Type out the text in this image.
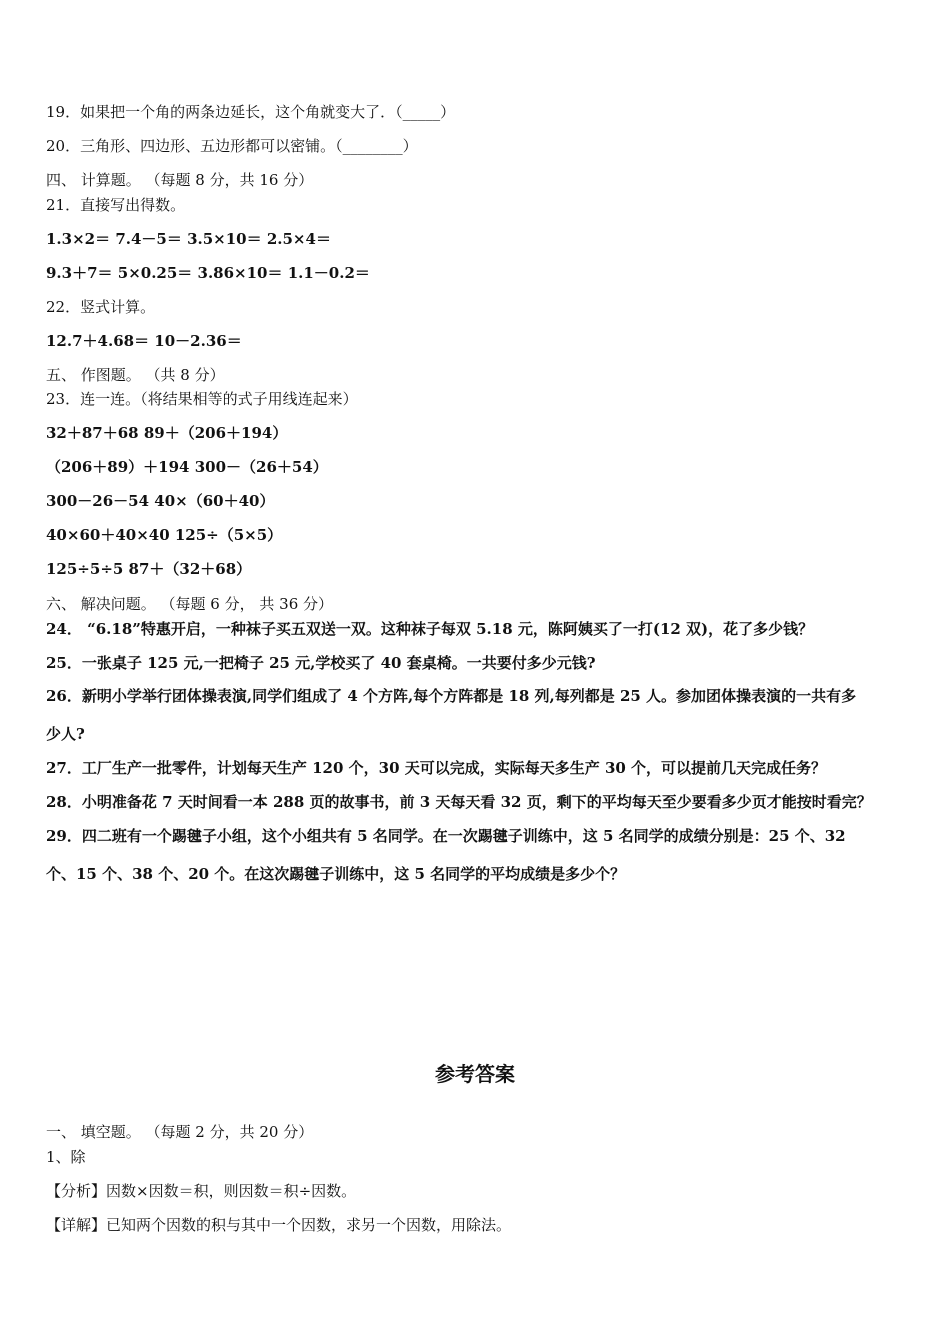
19．如果把一个角的两条边延长，这个角就变大了．（_____）
20．三角形、四边形、五边形都可以密铺。（________）
四、 计算题。 （每题 8 分，共 16 分）
21．直接写出得数。
1.3×2＝ 7.4－5＝ 3.5×10＝ 2.5×4＝
9.3＋7＝ 5×0.25＝ 3.86×10＝ 1.1－0.2＝
22．竖式计算。
12.7＋4.68＝ 10－2.36＝
五、 作图题。 （共 8 分）
23．连一连。（将结果相等的式子用线连起来）
32＋87＋68 89＋（206＋194）
（206＋89）＋194 300－（26＋54）
300－26－54 40×（60＋40）
40×60＋40×40 125÷（5×5）
125÷5÷5 87＋（32＋68）
六、 解决问题。 （每题 6 分， 共 36 分）
24． “6.18”特惠开启，一种袜子买五双送一双。这种袜子每双 5.18 元，陈阿姨买了一打(12 双)，花了多少钱？
25．一张桌子 125 元,一把椅子 25 元,学校买了 40 套桌椅。一共要付多少元钱?
26．新明小学举行团体操表演,同学们组成了 4 个方阵,每个方阵都是 18 列,每列都是 25 人。参加团体操表演的一共有多
少人?
27．工厂生产一批零件，计划每天生产 120 个，30 天可以完成，实际每天多生产 30 个，可以提前几天完成任务？
28．小明准备花 7 天时间看一本 288 页的故事书，前 3 天每天看 32 页，剩下的平均每天至少要看多少页才能按时看完？
29．四二班有一个踢毽子小组，这个小组共有 5 名同学。在一次踢毽子训练中，这 5 名同学的成绩分别是：25 个、32
个、15 个、38 个、20 个。在这次踢毽子训练中，这 5 名同学的平均成绩是多少个？
参考答案
一、 填空题。 （每题 2 分，共 20 分）
1、除
【分析】因数×因数＝积，则因数＝积÷因数。
【详解】已知两个因数的积与其中一个因数，求另一个因数，用除法。
